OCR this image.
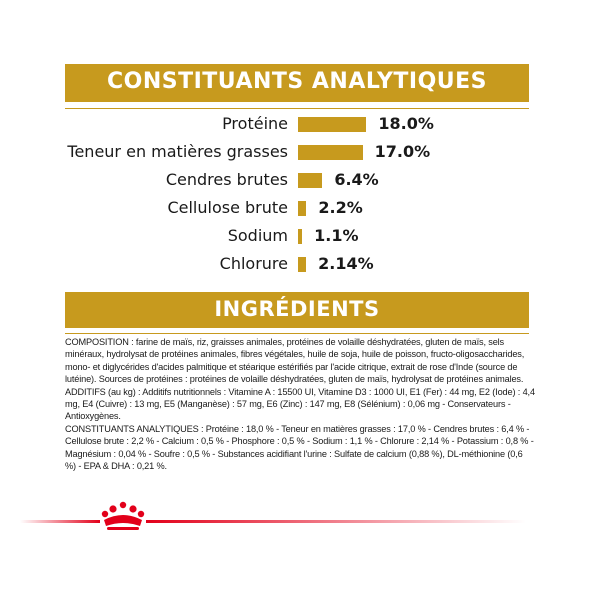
CONSTITUANTS ANALYTIQUES
Protéine	18.0%
Teneur en matières grasses	17.0%
Cendres brutes	6.4%
Cellulose brute 2.2%
Sodium 1.1%
Chlorure 2.14%
INGRÉDIENTS

COMPOSITION : farine de maïs, riz, graisses animales, protéines de volaille déshydratées, gluten de maïs, sels minéraux, hydrolysat de protéines animales, fibres végétales, huile de soja, huile de poisson, fructo-oligosaccharides, mono- et diglycérides d'acides palmitique et stéarique estérifiés par l'acide citrique, extrait de rose d'Inde (source de lutéine). Sources de protéines : protéines de volaille déshydratées, gluten de maïs, hydrolysat de protéines animales.

ADDITIFS (au kg) : Additifs nutritionnels : Vitamine A : 15500 UI, Vitamine D3 : 1000 UI, E1 (Fer) : 44 mg, E2 (Iode) : 4,4 mg, E4 (Cuivre) : 13 mg, E5 (Manganèse) : 57 mg, E6 (Zinc) : 147 mg, E8 (Sélénium) : 0,06 mg - Conservateurs - Antioxygènes.

CONSTITUANTS ANALYTIQUES : Protéine : 18,0 % - Teneur en matières grasses : 17,0 % - Cendres brutes : 6,4 % - Cellulose brute : 2,2 % - Calcium : 0,5 % - Phosphore : 0,5 % - Sodium : 1,1 % - Chlorure : 2,14 % - Potassium : 0,8 % - Magnésium : 0,04 % - Soufre : 0,5 % - Substances acidifiant l'urine : Sulfate de calcium (0,88 %), DL-méthionine (0,6 %) - EPA & DHA : 0,21 %.
